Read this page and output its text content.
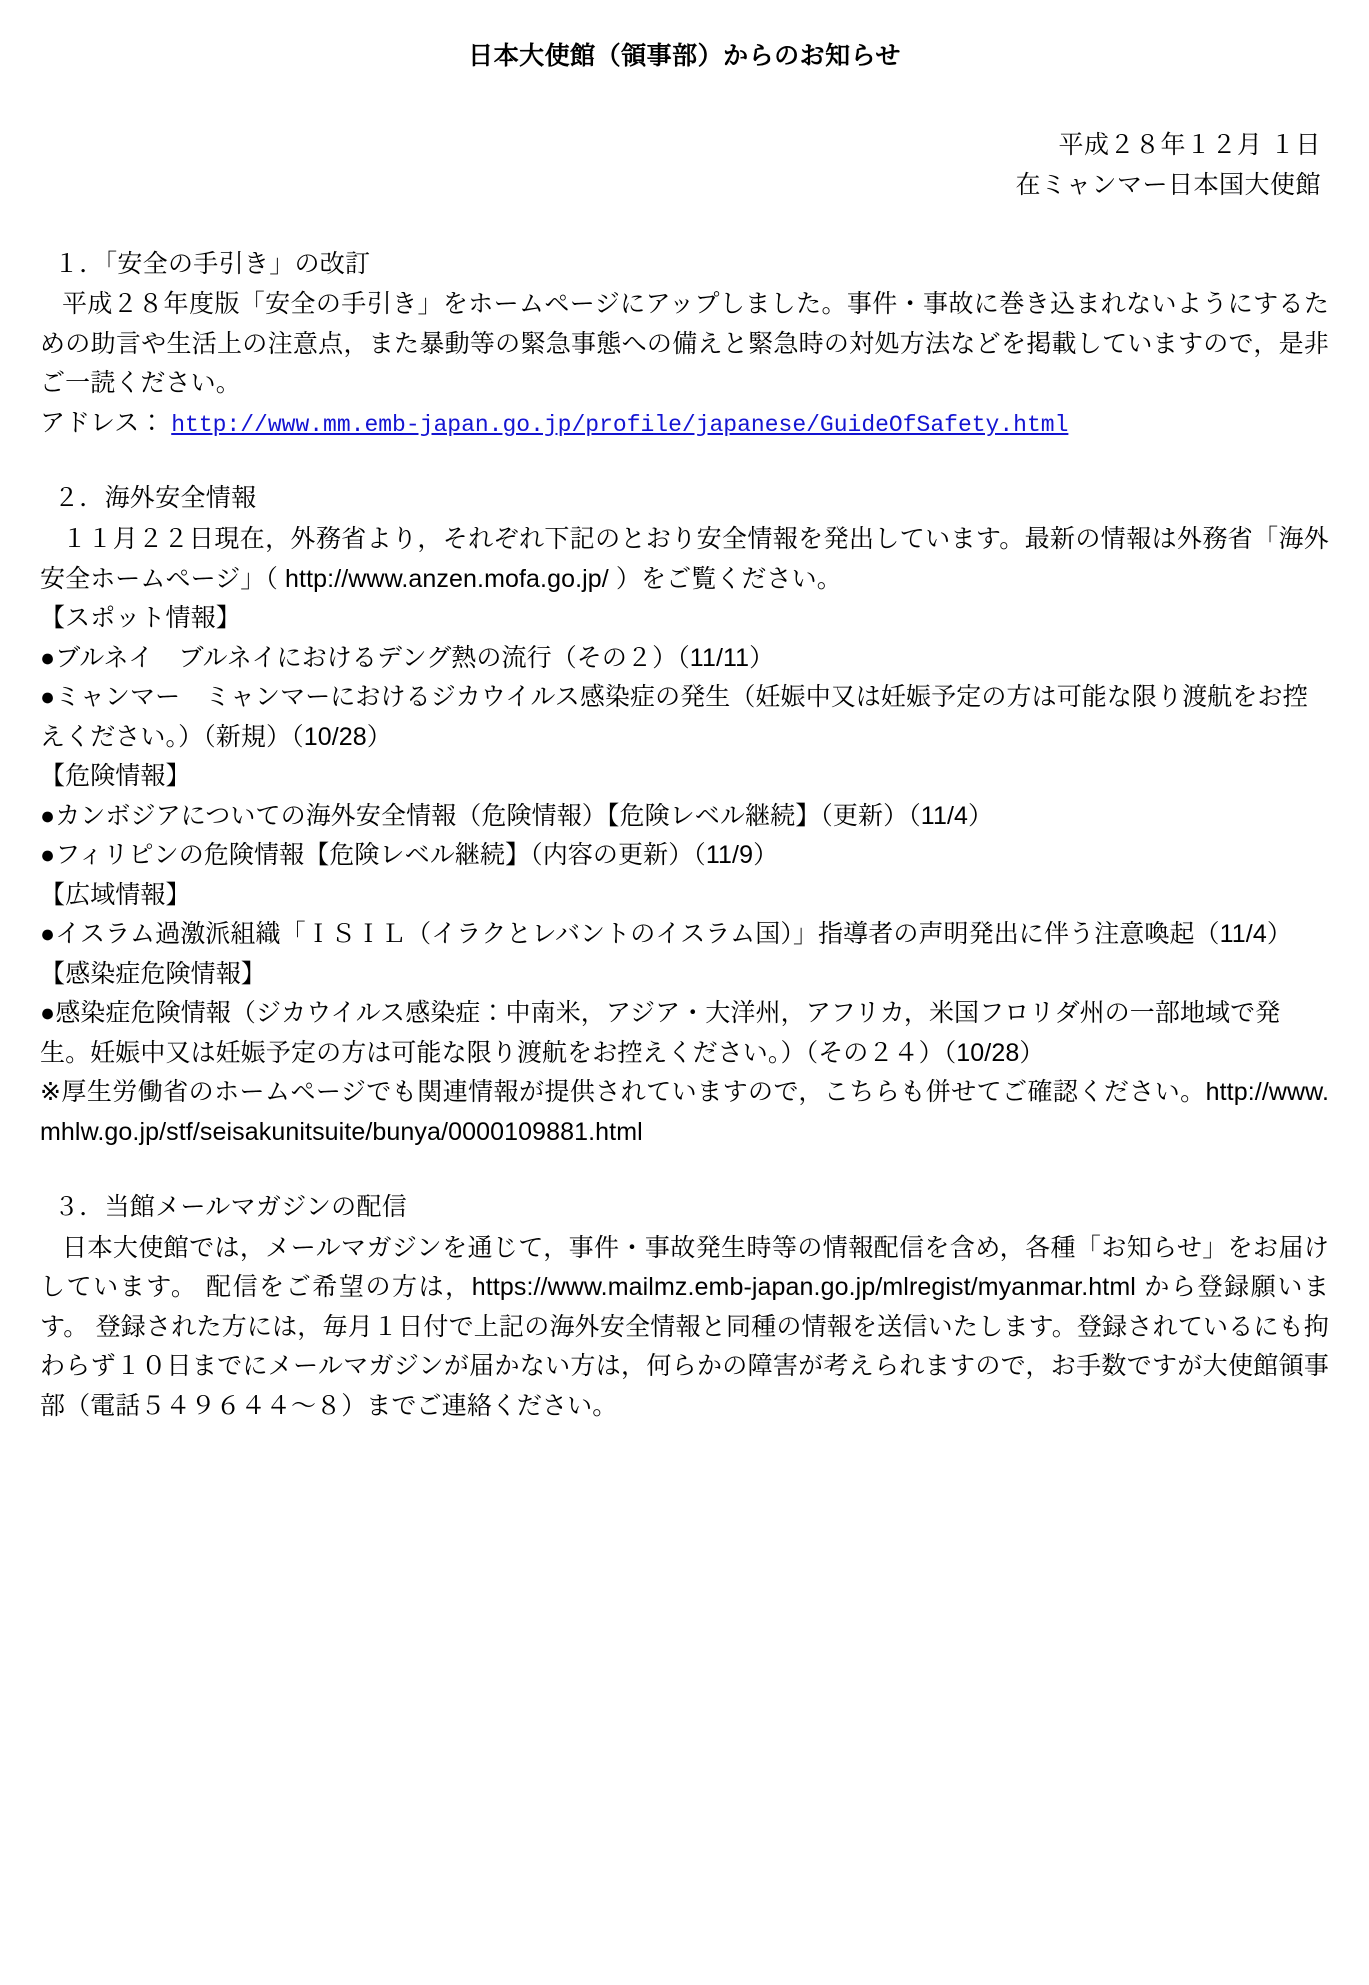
日本大使館（領事部）からのお知らせ
平成２８年１２月 １日
在ミャンマー日本国大使館

１．「安全の手引き」の改訂

平成２８年度版「安全の手引き」をホームページにアップしました。事件・事故に巻き込まれないようにするための助言や生活上の注意点，また暴動等の緊急事態への備えと緊急時の対処方法などを掲載していますので，是非ご一読ください。

アドレス： http://www.mm.emb-japan.go.jp/profile/japanese/GuideOfSafety.html

２．海外安全情報

１１月２２日現在，外務省より，それぞれ下記のとおり安全情報を発出しています。最新の情報は外務省「海外安全ホームページ」（ http://www.anzen.mofa.go.jp/ ）をご覧ください。

【スポット情報】

●ブルネイ　ブルネイにおけるデング熱の流行（その２）（11/11）

●ミャンマー　ミャンマーにおけるジカウイルス感染症の発生（妊娠中又は妊娠予定の方は可能な限り渡航をお控えください。）（新規）（10/28）

【危険情報】

●カンボジアについての海外安全情報（危険情報）【危険レベル継続】（更新）（11/4）

●フィリピンの危険情報【危険レベル継続】（内容の更新）（11/9）

【広域情報】

●イスラム過激派組織「ＩＳＩＬ（イラクとレバントのイスラム国）」指導者の声明発出に伴う注意喚起（11/4）

【感染症危険情報】

●感染症危険情報（ジカウイルス感染症：中南米，アジア・大洋州，アフリカ，米国フロリダ州の一部地域で発生。妊娠中又は妊娠予定の方は可能な限り渡航をお控えください。）（その２４）（10/28）

※厚生労働省のホームページでも関連情報が提供されていますので，こちらも併せてご確認ください。http://www.mhlw.go.jp/stf/seisakunitsuite/bunya/0000109881.html

３．当館メールマガジンの配信

日本大使館では，メールマガジンを通じて，事件・事故発生時等の情報配信を含め，各種「お知らせ」をお届けしています。 配信をご希望の方は，https://www.mailmz.emb-japan.go.jp/mlregist/myanmar.html から登録願います。 登録された方には，毎月１日付で上記の海外安全情報と同種の情報を送信いたします。登録されているにも拘わらず１０日までにメールマガジンが届かない方は，何らかの障害が考えられますので，お手数ですが大使館領事部（電話５４９６４４～８）までご連絡ください。
